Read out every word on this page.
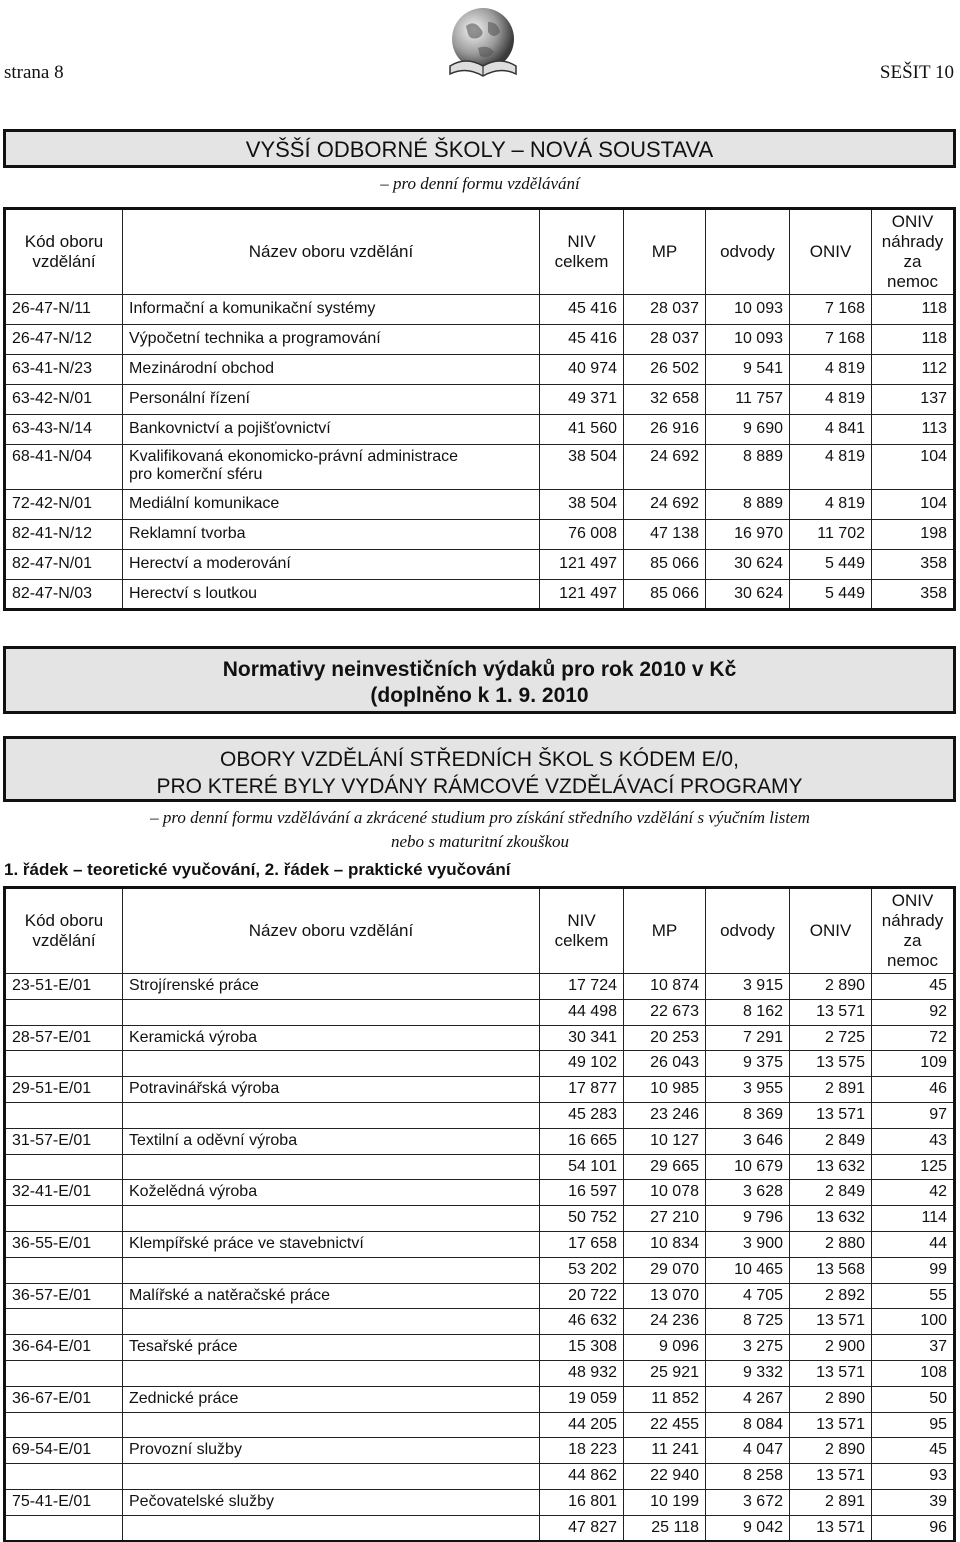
strana 8	SEŠIT 10
VYŠŠÍ ODBORNÉ ŠKOLY – NOVÁ SOUSTAVA
– pro denní formu vzdělávání
Kód oboru
vzdělání	Název oboru vzdělání	NIV
celkem	MP	odvody	ONIV	ONIV
náhrady
za
nemoc
26-47-N/11	Informační a komunikační systémy	45 416	28 037	10 093	7 168	118
26-47-N/12	Výpočetní technika a programování	45 416	28 037	10 093	7 168	118
63-41-N/23	Mezinárodní obchod	40 974	26 502	9 541	4 819	112
63-42-N/01	Personální řízení	49 371	32 658	11 757	4 819	137
63-43-N/14	Bankovnictví a pojišťovnictví	41 560	26 916	9 690	4 841	113
68-41-N/04	Kvalifikovaná ekonomicko-právní administrace
pro komerční sféru	38 504	24 692	8 889	4 819	104
72-42-N/01	Mediální komunikace	38 504	24 692	8 889	4 819	104
82-41-N/12	Reklamní tvorba	76 008	47 138	16 970	11 702	198
82-47-N/01	Herectví a moderování	121 497	85 066	30 624	5 449	358
82-47-N/03	Herectví s loutkou	121 497	85 066	30 624	5 449	358
Normativy neinvestičních výdaků pro rok 2010 v Kč
(doplněno k 1. 9. 2010
OBORY VZDĚLÁNÍ STŘEDNÍCH ŠKOL S KÓDEM E/0,
PRO KTERÉ BYLY VYDÁNY RÁMCOVÉ VZDĚLÁVACÍ PROGRAMY
– pro denní formu vzdělávání a zkrácené studium pro získání středního vzdělání s výučním listem
nebo s maturitní zkouškou
1. řádek – teoretické vyučování, 2. řádek – praktické vyučování
Kód oboru
vzdělání	Název oboru vzdělání	NIV
celkem	MP	odvody	ONIV	ONIV
náhrady
za
nemoc
23-51-E/01	Strojírenské práce	17 724	10 874	3 915	2 890	45
		44 498	22 673	8 162	13 571	92
28-57-E/01	Keramická výroba	30 341	20 253	7 291	2 725	72
		49 102	26 043	9 375	13 575	109
29-51-E/01	Potravinářská výroba	17 877	10 985	3 955	2 891	46
		45 283	23 246	8 369	13 571	97
31-57-E/01	Textilní a oděvní výroba	16 665	10 127	3 646	2 849	43
		54 101	29 665	10 679	13 632	125
32-41-E/01	Koželědná výroba	16 597	10 078	3 628	2 849	42
		50 752	27 210	9 796	13 632	114
36-55-E/01	Klempířské práce ve stavebnictví	17 658	10 834	3 900	2 880	44
		53 202	29 070	10 465	13 568	99
36-57-E/01	Malířské a natěračské práce	20 722	13 070	4 705	2 892	55
		46 632	24 236	8 725	13 571	100
36-64-E/01	Tesařské práce	15 308	9 096	3 275	2 900	37
		48 932	25 921	9 332	13 571	108
36-67-E/01	Zednické práce	19 059	11 852	4 267	2 890	50
		44 205	22 455	8 084	13 571	95
69-54-E/01	Provozní služby	18 223	11 241	4 047	2 890	45
		44 862	22 940	8 258	13 571	93
75-41-E/01	Pečovatelské služby	16 801	10 199	3 672	2 891	39
		47 827	25 118	9 042	13 571	96
